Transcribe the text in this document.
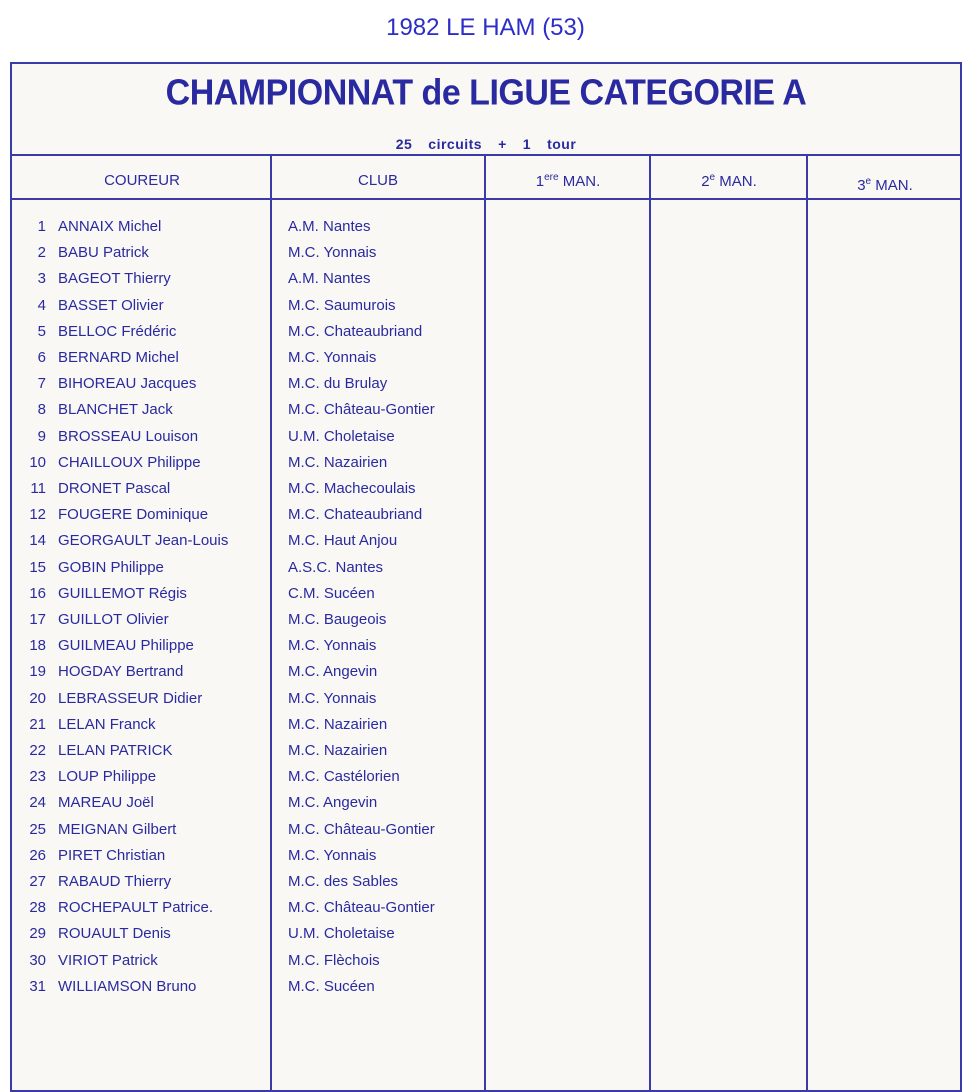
1982 LE HAM (53)
CHAMPIONNAT de LIGUE CATEGORIE A
25 circuits + 1 tour
COUREUR	CLUB	1ere MAN.	2e MAN.	3e MAN.
1 ANNAIX Michel	A.M. Nantes
2 BABU Patrick	M.C. Yonnais
3 BAGEOT Thierry	A.M. Nantes
4 BASSET Olivier	M.C. Saumurois
5 BELLOC Frédéric	M.C. Chateaubriand
6 BERNARD Michel	M.C. Yonnais
7 BIHOREAU Jacques	M.C. du Brulay
8 BLANCHET Jack	M.C. Château-Gontier
9 BROSSEAU Louison	U.M. Choletaise
10 CHAILLOUX Philippe	M.C. Nazairien
11 DRONET Pascal	M.C. Machecoulais
12 FOUGERE Dominique	M.C. Chateaubriand
14 GEORGAULT Jean-Louis	M.C. Haut Anjou
15 GOBIN Philippe	A.S.C. Nantes
16 GUILLEMOT Régis	C.M. Sucéen
17 GUILLOT Olivier	M.C. Baugeois
18 GUILMEAU Philippe	M.C. Yonnais
19 HOGDAY Bertrand	M.C. Angevin
20 LEBRASSEUR Didier	M.C. Yonnais
21 LELAN Franck	M.C. Nazairien
22 LELAN PATRICK	M.C. Nazairien
23 LOUP Philippe	M.C. Castélorien
24 MAREAU Joël	M.C. Angevin
25 MEIGNAN Gilbert	M.C. Château-Gontier
26 PIRET Christian	M.C. Yonnais
27 RABAUD Thierry	M.C. des Sables
28 ROCHEPAULT Patrice.	M.C. Château-Gontier
29 ROUAULT Denis	U.M. Choletaise
30 VIRIOT Patrick	M.C. Flèchois
31 WILLIAMSON Bruno	M.C. Sucéen
